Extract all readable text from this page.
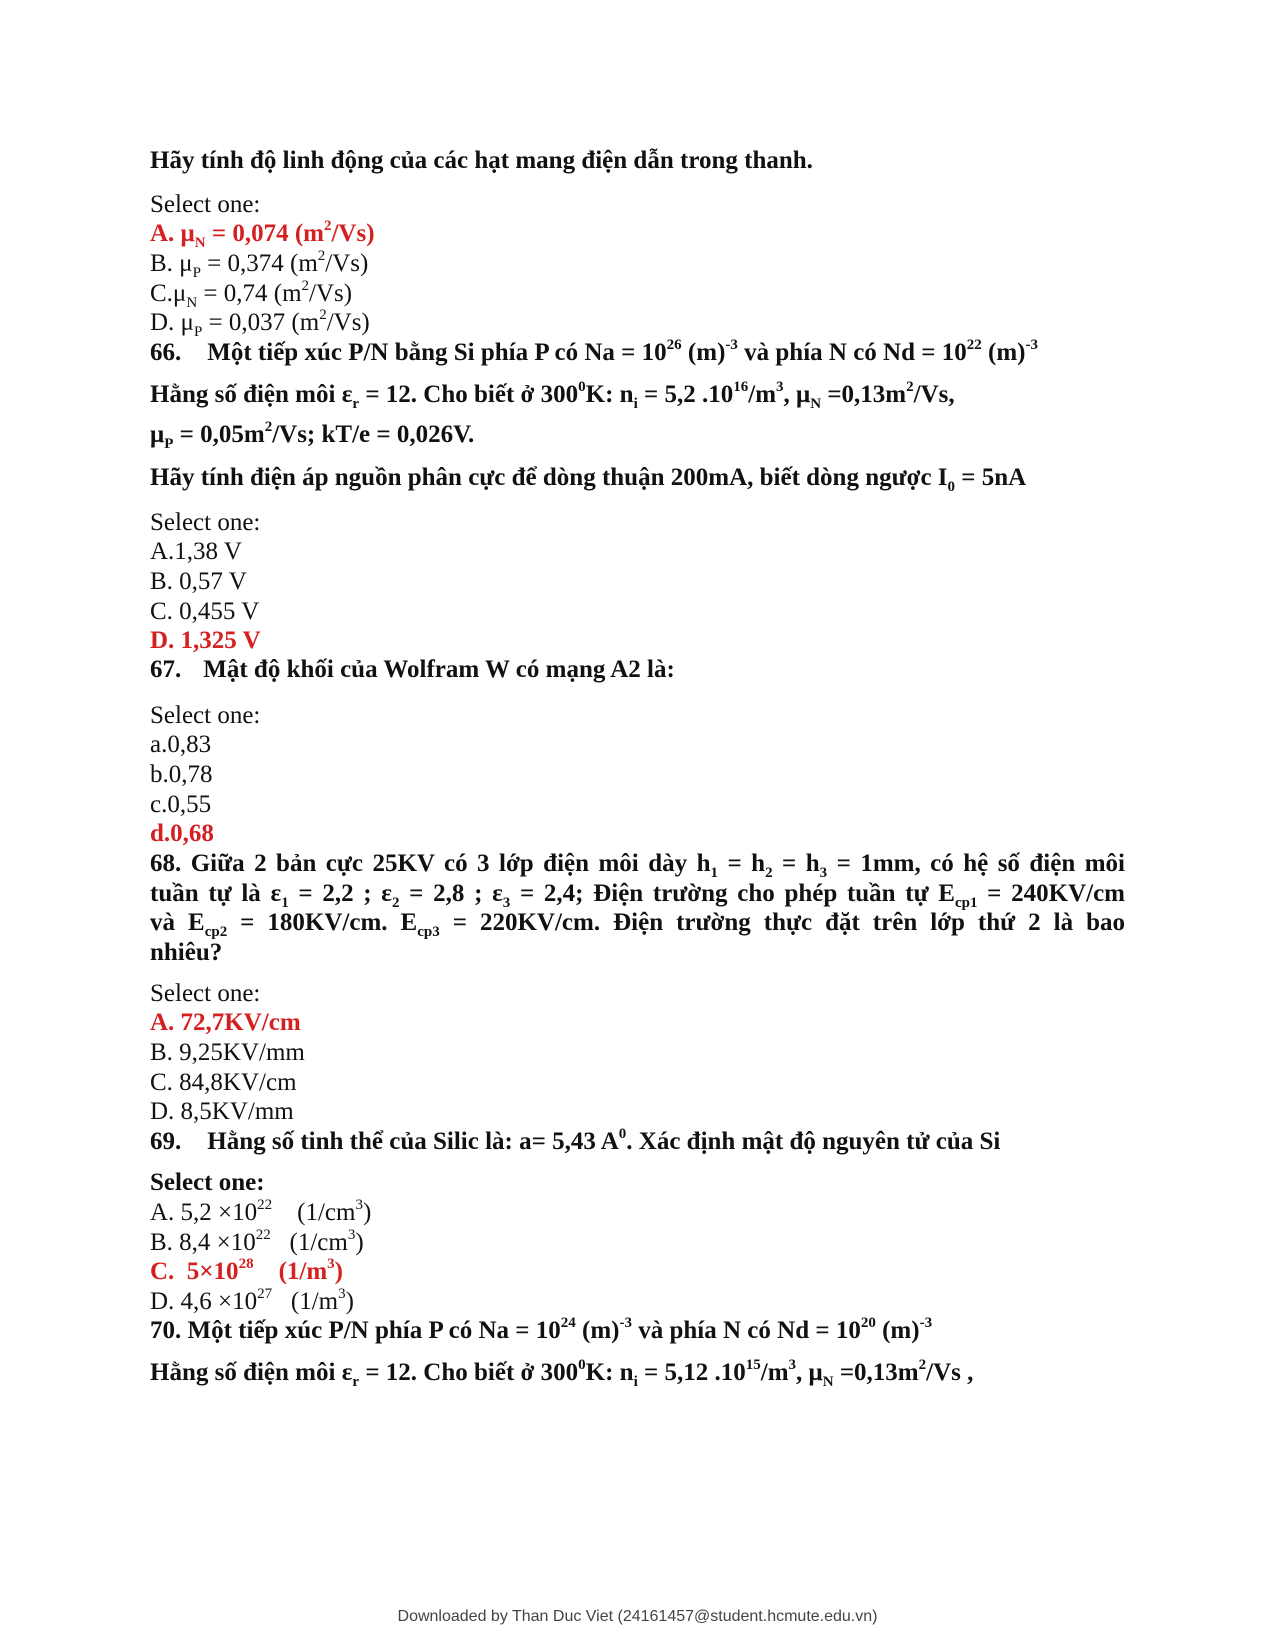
Hãy tính độ linh động của các hạt mang điện dẫn trong thanh.
Select one:
A. $\mu_N = 0,074$ $(m^2/Vs)$
B. $\mu_P = 0,374$ $(m^2/Vs)$
$C.\mu_N = 0,74$ $(m^2/Vs)$
D. $\mu_P = 0,037$ $(m^2/Vs)$
66. Một tiếp xúc P/N bằng Si phía P có $Na = 10^{26}$ $(m)^{-3}$ và phía N có $Nd = 10^{22}$ $(m)^{-3}$
Hằng số điện môi $\varepsilon_r = 12$. Cho biết ở $300^0K$: $n_i = 5,2$ $.10^{16}/m^3$, $\mu_N =0,13m^2/Vs$,
$\mu_P = 0,05m^2/Vs$; kT/e = 0,026V.
Hãy tính điện áp nguồn phân cực để dòng thuận 200mA, biết dòng ngược $I_0 = 5nA$
Select one:
A.1,38 V
B. 0,57 V
C. 0,455 V
D. 1,325 V
67. Mật độ khối của Wolfram W có mạng A2 là:
Select one:
a.0,83
b.0,78
c.0,55
d.0,68
68. Giữa 2 bản cực 25KV có 3 lớp điện môi dày $h_1 = h_2 = h_3 = 1mm$, có hệ số điện môi
tuần tự là $\varepsilon_1 = 2,2$ ; $\varepsilon_2 = 2,8$ ; $\varepsilon_3 = 2,4$; Điện trường cho phép tuần tự $E_{cp1} = 240KV/cm$
và $E_{cp2} = 180KV/cm$. $E_{cp3} = 220KV/cm$. Điện trường thực đặt trên lớp thứ 2 là bao
nhiêu?
Select one:
A. 72,7KV/cm
B. 9,25KV/mm
C. 84,8KV/cm
D. 8,5KV/mm
69. Hằng số tinh thể của Silic là: a= 5,43 $A^0$. Xác định mật độ nguyên tử của Si
Select one:
A. $5,2 \times 10^{22}$    $(1/cm^3)$
B. $8,4 \times 10^{22}$   $(1/cm^3)$
C.  $5\times 10^{28}$    $(1/m^3)$
D. $4,6 \times 10^{27}$   $(1/m^3)$
70. Một tiếp xúc P/N phía P có $Na = 10^{24}$ $(m)^{-3}$ và phía N có $Nd = 10^{20}$ $(m)^{-3}$
Hằng số điện môi $\varepsilon_r = 12$. Cho biết ở $300^0K$: $n_i = 5,12$ $.10^{15}/m^3$, $\mu_N =0,13m^2/Vs$ ,
Downloaded by Than Duc Viet (24161457@student.hcmute.edu.vn)
